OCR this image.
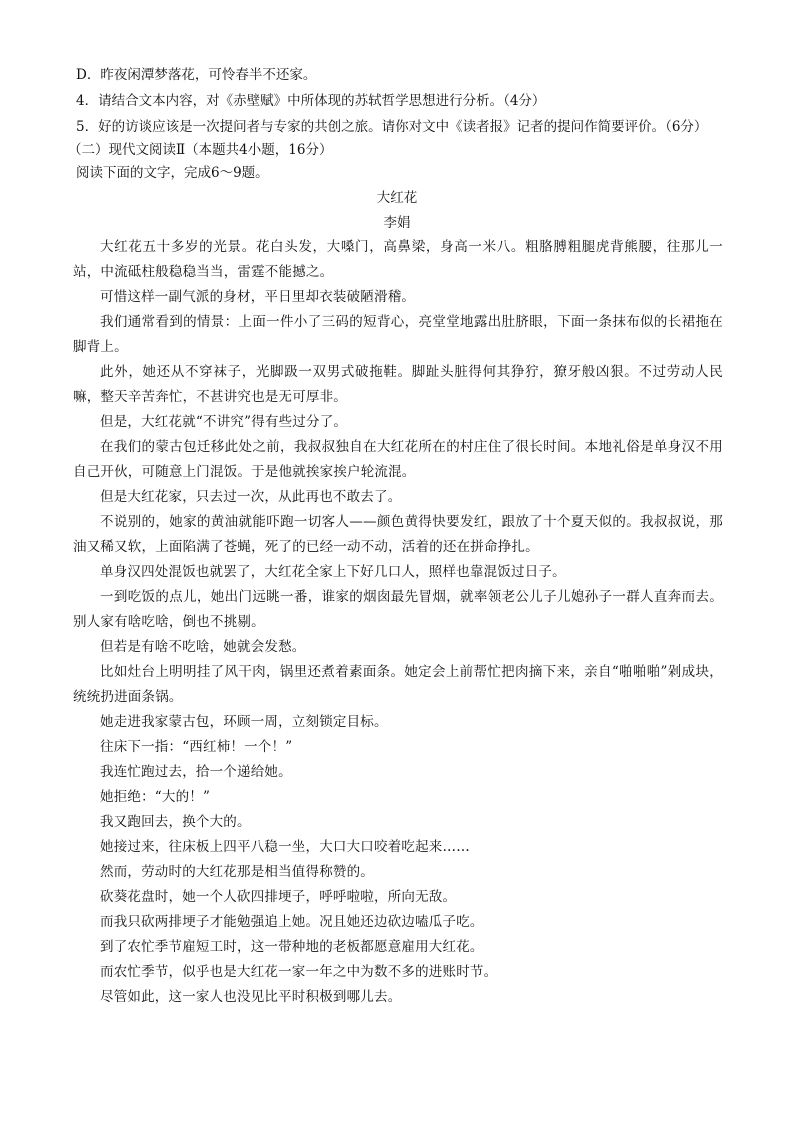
D．昨夜闲潭梦落花，可怜春半不还家。
4．请结合文本内容，对《赤壁赋》中所体现的苏轼哲学思想进行分析。（4分）
5．好的访谈应该是一次提问者与专家的共创之旅。请你对文中《读者报》记者的提问作简要评价。（6分）
（二）现代文阅读Ⅱ（本题共4小题，16分）
阅读下面的文字，完成6～9题。
大红花
李娟

大红花五十多岁的光景。花白头发，大嗓门，高鼻梁，身高一米八。粗胳膊粗腿虎背熊腰，往那儿一站，中流砥柱般稳稳当当，雷霆不能撼之。

可惜这样一副气派的身材，平日里却衣装破陋滑稽。

我们通常看到的情景：上面一件小了三码的短背心，亮堂堂地露出肚脐眼，下面一条抹布似的长裙拖在脚背上。

此外，她还从不穿袜子，光脚趿一双男式破拖鞋。脚趾头脏得何其狰狞，獠牙般凶狠。不过劳动人民嘛，整天辛苦奔忙，不甚讲究也是无可厚非。

但是，大红花就“不讲究”得有些过分了。

在我们的蒙古包迁移此处之前，我叔叔独自在大红花所在的村庄住了很长时间。本地礼俗是单身汉不用自己开伙，可随意上门混饭。于是他就挨家挨户轮流混。

但是大红花家，只去过一次，从此再也不敢去了。

不说别的，她家的黄油就能吓跑一切客人——颜色黄得快要发红，跟放了十个夏天似的。我叔叔说，那油又稀又软，上面陷满了苍蝇，死了的已经一动不动，活着的还在拼命挣扎。

单身汉四处混饭也就罢了，大红花全家上下好几口人，照样也靠混饭过日子。

一到吃饭的点儿，她出门远眺一番，谁家的烟囱最先冒烟，就率领老公儿子儿媳孙子一群人直奔而去。别人家有啥吃啥，倒也不挑剔。

但若是有啥不吃啥，她就会发愁。

比如灶台上明明挂了风干肉，锅里还煮着素面条。她定会上前帮忙把肉摘下来，亲自“啪啪啪”剁成块，统统扔进面条锅。

她走进我家蒙古包，环顾一周，立刻锁定目标。

往床下一指：“西红柿！一个！”

我连忙跑过去，拾一个递给她。

她拒绝：“大的！”

我又跑回去，换个大的。

她接过来，往床板上四平八稳一坐，大口大口咬着吃起来……

然而，劳动时的大红花那是相当值得称赞的。

砍葵花盘时，她一个人砍四排埂子，呼呼啦啦，所向无敌。

而我只砍两排埂子才能勉强追上她。况且她还边砍边嗑瓜子吃。

到了农忙季节雇短工时，这一带种地的老板都愿意雇用大红花。

而农忙季节，似乎也是大红花一家一年之中为数不多的进账时节。

尽管如此，这一家人也没见比平时积极到哪儿去。
